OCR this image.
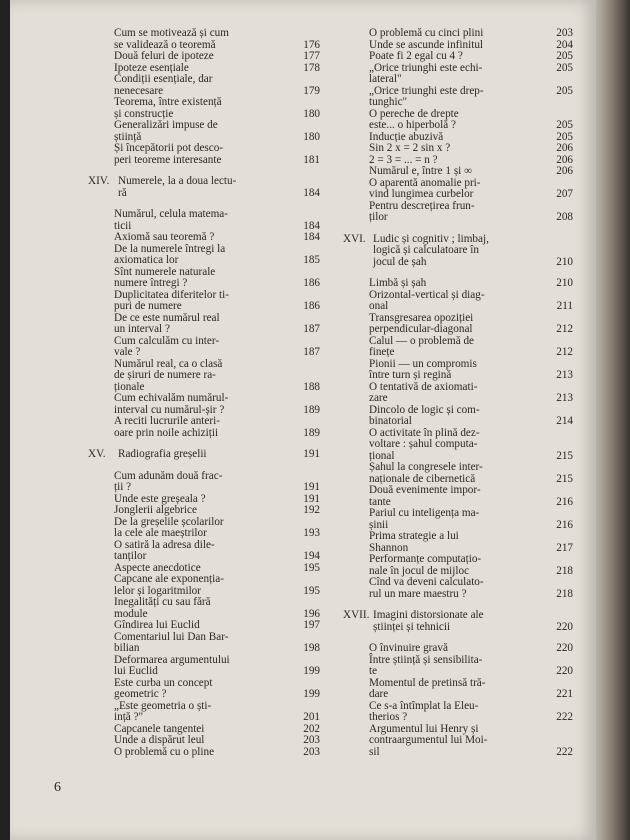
Cum se motivează și cum
se validează o teoremă	176
Două feluri de ipoteze	177
Ipoteze esențiale	178
Condiții esențiale, dar
nenecesare	179
Teorema, între existență
și construcție	180
Generalizări impuse de
știință	180
Și începătorii pot desco-
peri teoreme interesante	181
XIV. Numerele, la a doua lectu-
ră	184
Numărul, celula matema-
ticii	184
Axiomă sau teoremă ?	184
De la numerele întregi la
axiomatica lor	185
Sînt numerele naturale
numere întregi ?	186
Duplicitatea diferitelor ti-
puri de numere	186
De ce este numărul real
un interval ?	187
Cum calculăm cu inter-
vale ?	187
Numărul real, ca o clasă
de șiruri de numere ra-
ționale	188
Cum echivalăm numărul-
interval cu numărul-șir ?	189
A reciti lucrurile anteri-
oare prin noile achiziții	189
XV. Radiografia greșelii	191
Cum adunăm două frac-
ții ?	191
Unde este greșeala ?	191
Jonglerii algebrice	192
De la greșelile școlarilor
la cele ale maeștrilor	193
O satiră la adresa dile-
tanților	194
Aspecte anecdotice	195
Capcane ale exponenția-
lelor și logaritmilor	195
Inegalități cu sau fără
module	196
Gîndirea lui Euclid	197
Comentariul lui Dan Bar-
bilian	198
Deformarea argumentului
lui Euclid	199
Este curba un concept
geometric ?	199
„Este geometria o ști-
ință ?"	201
Capcanele tangentei	202
Unde a dispărut leul	203
O problemă cu o pline	203
O problemă cu cinci plini	203
Unde se ascunde infinitul	204
Poate fi 2 egal cu 4 ?	205
„Orice triunghi este echi-	205
lateral"
„Orice triunghi este drep-	205
tunghic"
O pereche de drepte
este... o hiperbolă ?	205
Inducție abuzivă	205
Sin 2 x = 2 sin x ?	206
2 = 3 = ... = n ?	206
Numărul e, între 1 și ∞	206
O aparentă anomalie pri-
vind lungimea curbelor	207
Pentru descrețirea frun-
ților	208
XVI. Ludic și cognitiv ; limbaj,
logică și calculatoare în
jocul de șah	210
Limbă și șah	210
Orizontal-vertical și diag-
onal	211
Transgresarea opoziției
perpendicular-diagonal	212
Calul — o problemă de
finețe	212
Pionii — un compromis
între turn și regină	213
O tentativă de axiomati-
zare	213
Dincolo de logic și com-
binatorial	214
O activitate în plină dez-
voltare : șahul computa-
țional	215
Șahul la congresele inter-
naționale de cibernetică	215
Două evenimente impor-
tante	216
Pariul cu inteligența ma-
șinii	216
Prima strategie a lui
Shannon	217
Performanțe computațio-
nale în jocul de mijloc	218
Cînd va deveni calculato-
rul un mare maestru ?	218
XVII. Imagini distorsionate ale
științei și tehnicii	220
O învinuire gravă	220
Între știință și sensibilita-
te	220
Momentul de pretinsă tră-
dare	221
Ce s-a întîmplat la Eleu-
therios ?	222
Argumentul lui Henry și
contraargumentul lui Moi-
sil	222
6
